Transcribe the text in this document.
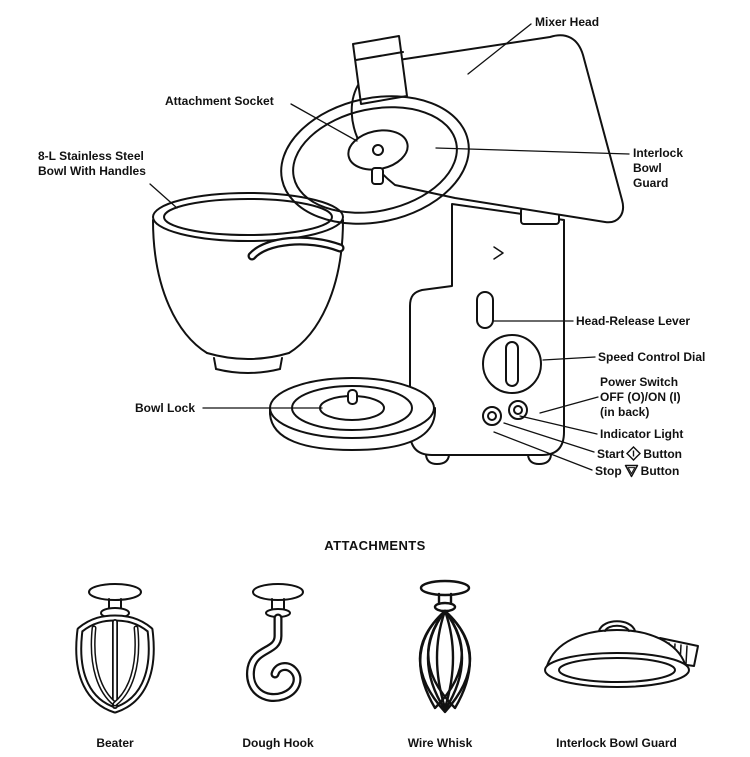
Mixer Head
Attachment Socket
8-L Stainless Steel
Bowl With Handles
Interlock
Bowl
Guard
Head-Release Lever
Speed Control Dial
Power Switch
OFF (O)/ON (I)
(in back)
Indicator Light
Start Button
Stop Button
Bowl Lock
ATTACHMENTS
Beater	Dough Hook	Wire Whisk	Interlock Bowl Guard
